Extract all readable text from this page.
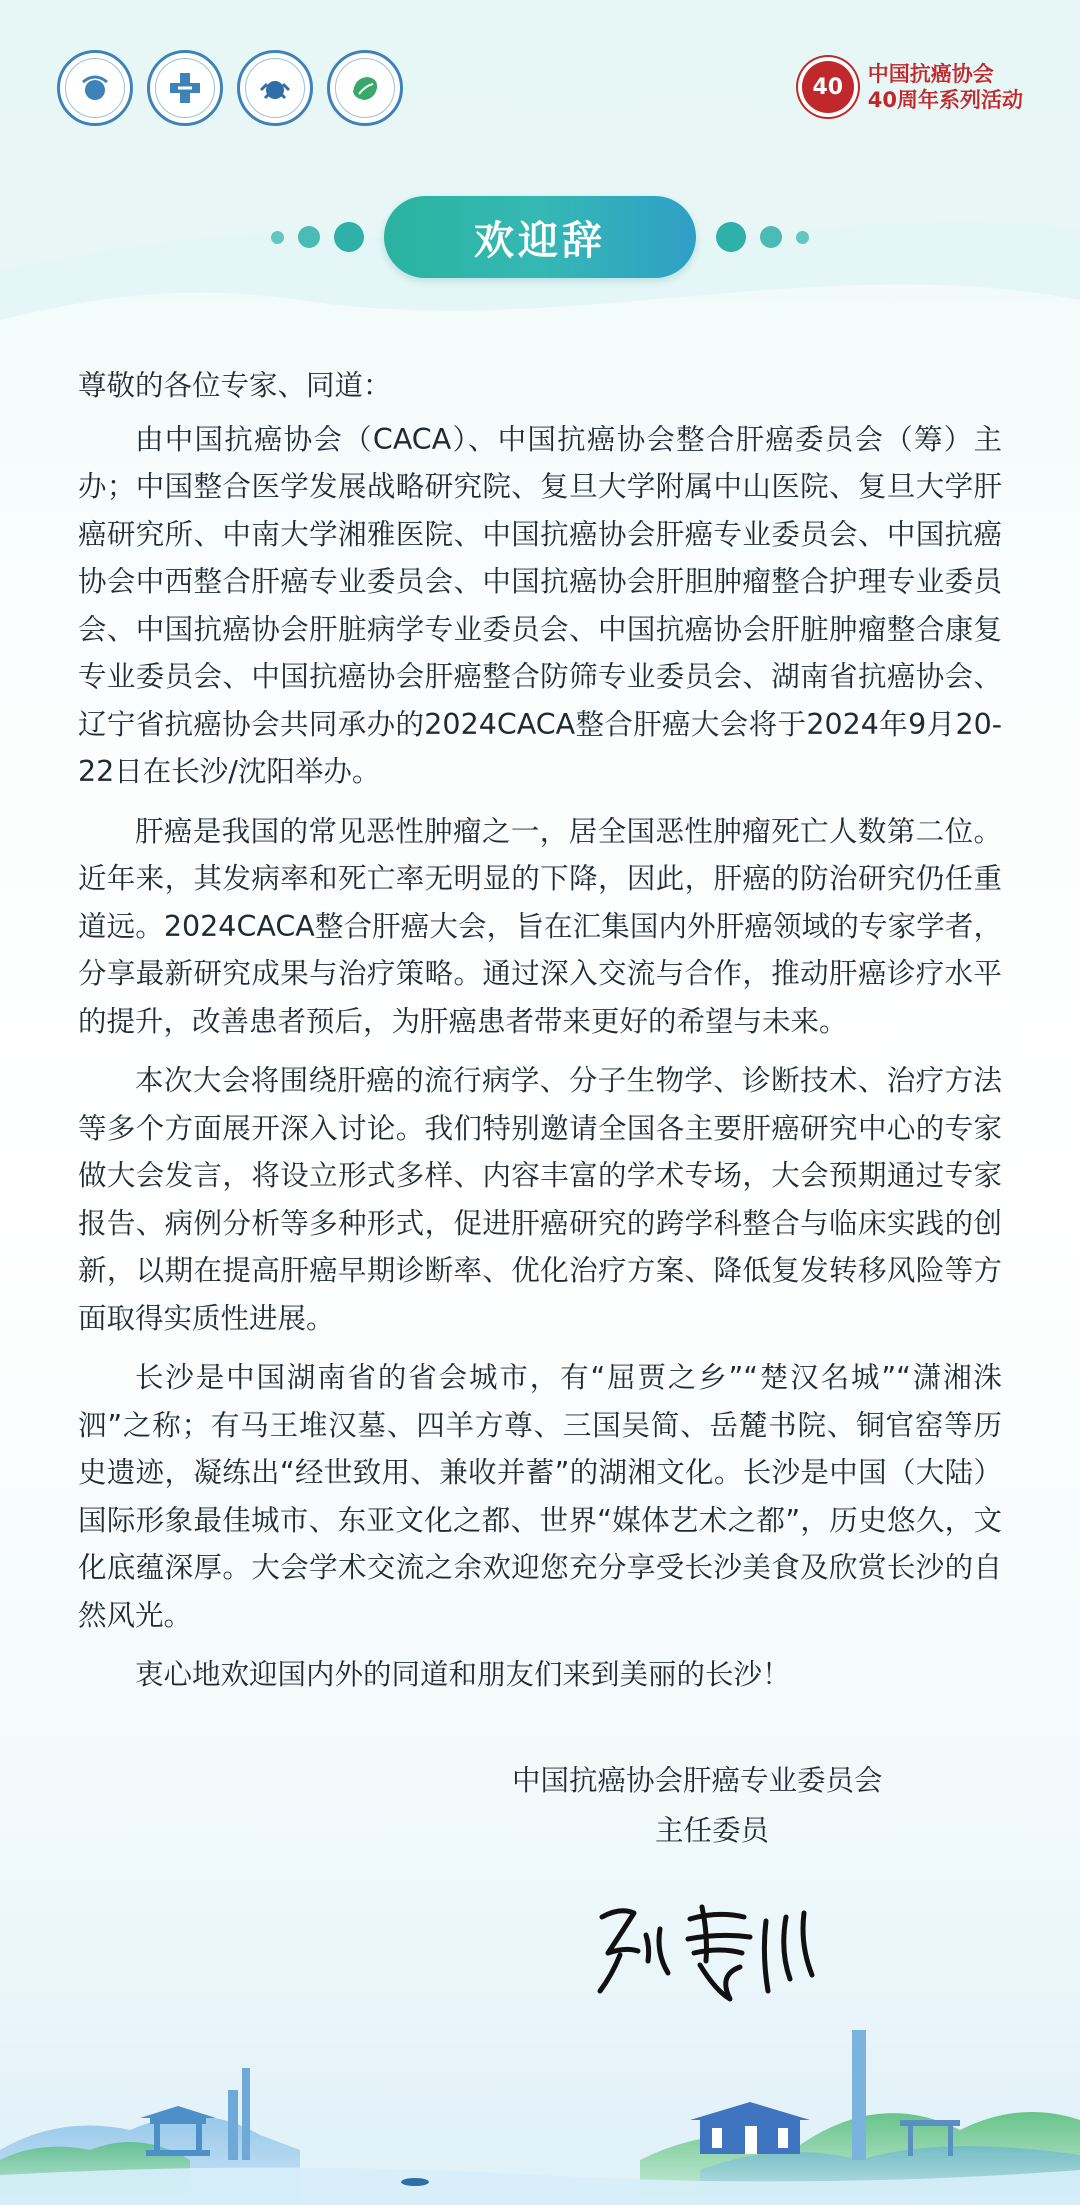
40
中国抗癌协会
40周年系列活动
欢迎辞

尊敬的各位专家、同道：

由中国抗癌协会（CACA）、中国抗癌协会整合肝癌委员会（筹）主办；中国整合医学发展战略研究院、复旦大学附属中山医院、复旦大学肝癌研究所、中南大学湘雅医院、中国抗癌协会肝癌专业委员会、中国抗癌协会中西整合肝癌专业委员会、中国抗癌协会肝胆肿瘤整合护理专业委员会、中国抗癌协会肝脏病学专业委员会、中国抗癌协会肝脏肿瘤整合康复专业委员会、中国抗癌协会肝癌整合防筛专业委员会、湖南省抗癌协会、辽宁省抗癌协会共同承办的2024CACA整合肝癌大会将于2024年9月20-22日在长沙/沈阳举办。

肝癌是我国的常见恶性肿瘤之一，居全国恶性肿瘤死亡人数第二位。近年来，其发病率和死亡率无明显的下降，因此，肝癌的防治研究仍任重道远。2024CACA整合肝癌大会，旨在汇集国内外肝癌领域的专家学者，分享最新研究成果与治疗策略。通过深入交流与合作，推动肝癌诊疗水平的提升，改善患者预后，为肝癌患者带来更好的希望与未来。

本次大会将围绕肝癌的流行病学、分子生物学、诊断技术、治疗方法等多个方面展开深入讨论。我们特别邀请全国各主要肝癌研究中心的专家做大会发言，将设立形式多样、内容丰富的学术专场，大会预期通过专家报告、病例分析等多种形式，促进肝癌研究的跨学科整合与临床实践的创新，以期在提高肝癌早期诊断率、优化治疗方案、降低复发转移风险等方面取得实质性进展。

长沙是中国湖南省的省会城市，有“屈贾之乡”“楚汉名城”“潇湘洙泗”之称；有马王堆汉墓、四羊方尊、三国吴简、岳麓书院、铜官窑等历史遗迹，凝练出“经世致用、兼收并蓄”的湖湘文化。长沙是中国（大陆）国际形象最佳城市、东亚文化之都、世界“媒体艺术之都”，历史悠久，文化底蕴深厚。大会学术交流之余欢迎您充分享受长沙美食及欣赏长沙的自然风光。

衷心地欢迎国内外的同道和朋友们来到美丽的长沙！

中国抗癌协会肝癌专业委员会
主任委员
